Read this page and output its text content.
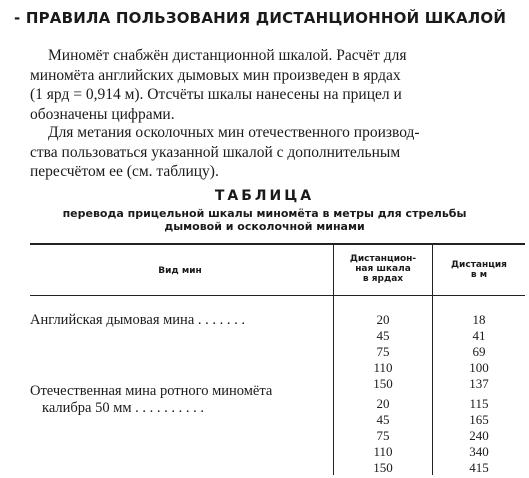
- ПРАВИЛА ПОЛЬЗОВАНИЯ ДИСТАНЦИОННОЙ ШКАЛОЙ
Миномёт снабжён дистанционной шкалой. Расчёт для
миномёта английских дымовых мин произведен в ярдах
(1 ярд = 0,914 м). Отсчёты шкалы нанесены на прицел и
обозначены цифрами.
Для метания осколочных мин отечественного производ-
ства пользоваться указанной шкалой с дополнительным
пересчётом ее (см. таблицу).
ТАБЛИЦА
перевода прицельной шкалы миномёта в метры для стрельбы
дымовой и осколочной минами
Вид мин
Дистанцион-
ная шкала
в ярдах
Дистанция
в м
Английская дымовая мина . . . . . . .	20
45
75
110
150
18
41
69
100
137
Отечественная мина ротного миномёта
калибра 50 мм . . . . . . . . . .	20
45
75
110
150
115
165
240
340
415
